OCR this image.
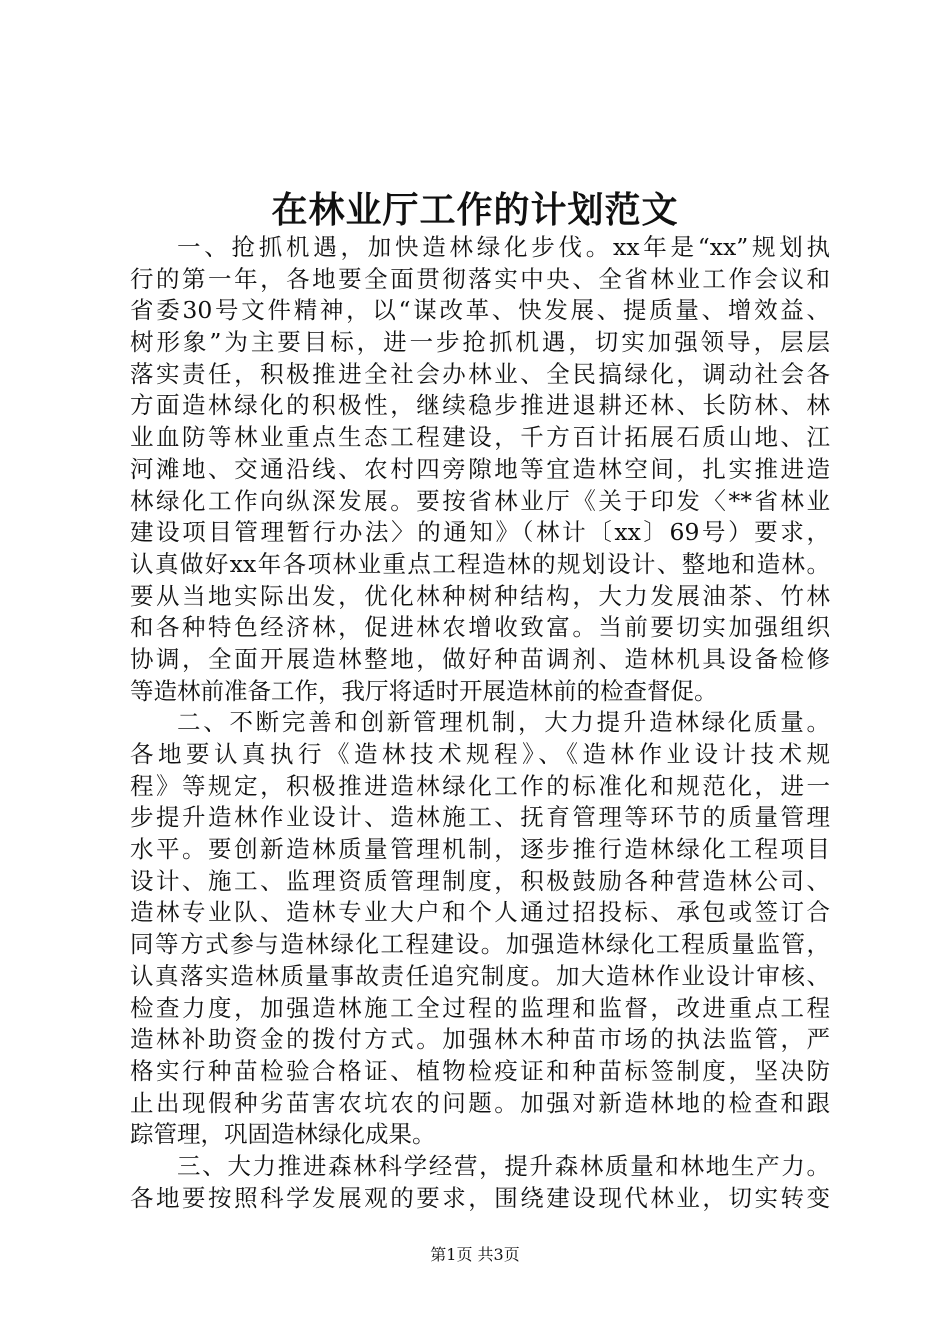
在林业厅工作的计划范文
一、抢抓机遇，加快造林绿化步伐。xx年是“xx”规划执
行的第一年，各地要全面贯彻落实中央、全省林业工作会议和
省委30号文件精神，以“谋改革、快发展、提质量、增效益、
树形象”为主要目标，进一步抢抓机遇，切实加强领导，层层
落实责任，积极推进全社会办林业、全民搞绿化，调动社会各
方面造林绿化的积极性，继续稳步推进退耕还林、长防林、林
业血防等林业重点生态工程建设，千方百计拓展石质山地、江
河滩地、交通沿线、农村四旁隙地等宜造林空间，扎实推进造
林绿化工作向纵深发展。要按省林业厅《关于印发〈**省林业
建设项目管理暂行办法〉的通知》（林计〔xx〕69号）要求，
认真做好xx年各项林业重点工程造林的规划设计、整地和造林。
要从当地实际出发，优化林种树种结构，大力发展油茶、竹林
和各种特色经济林，促进林农增收致富。当前要切实加强组织
协调，全面开展造林整地，做好种苗调剂、造林机具设备检修
等造林前准备工作，我厅将适时开展造林前的检查督促。
二、不断完善和创新管理机制，大力提升造林绿化质量。
各地要认真执行《造林技术规程》、《造林作业设计技术规
程》等规定，积极推进造林绿化工作的标准化和规范化，进一
步提升造林作业设计、造林施工、抚育管理等环节的质量管理
水平。要创新造林质量管理机制，逐步推行造林绿化工程项目
设计、施工、监理资质管理制度，积极鼓励各种营造林公司、
造林专业队、造林专业大户和个人通过招投标、承包或签订合
同等方式参与造林绿化工程建设。加强造林绿化工程质量监管，
认真落实造林质量事故责任追究制度。加大造林作业设计审核、
检查力度，加强造林施工全过程的监理和监督，改进重点工程
造林补助资金的拨付方式。加强林木种苗市场的执法监管，严
格实行种苗检验合格证、植物检疫证和种苗标签制度，坚决防
止出现假种劣苗害农坑农的问题。加强对新造林地的检查和跟
踪管理，巩固造林绿化成果。
三、大力推进森林科学经营，提升森林质量和林地生产力。
各地要按照科学发展观的要求，围绕建设现代林业，切实转变
第1页 共3页
